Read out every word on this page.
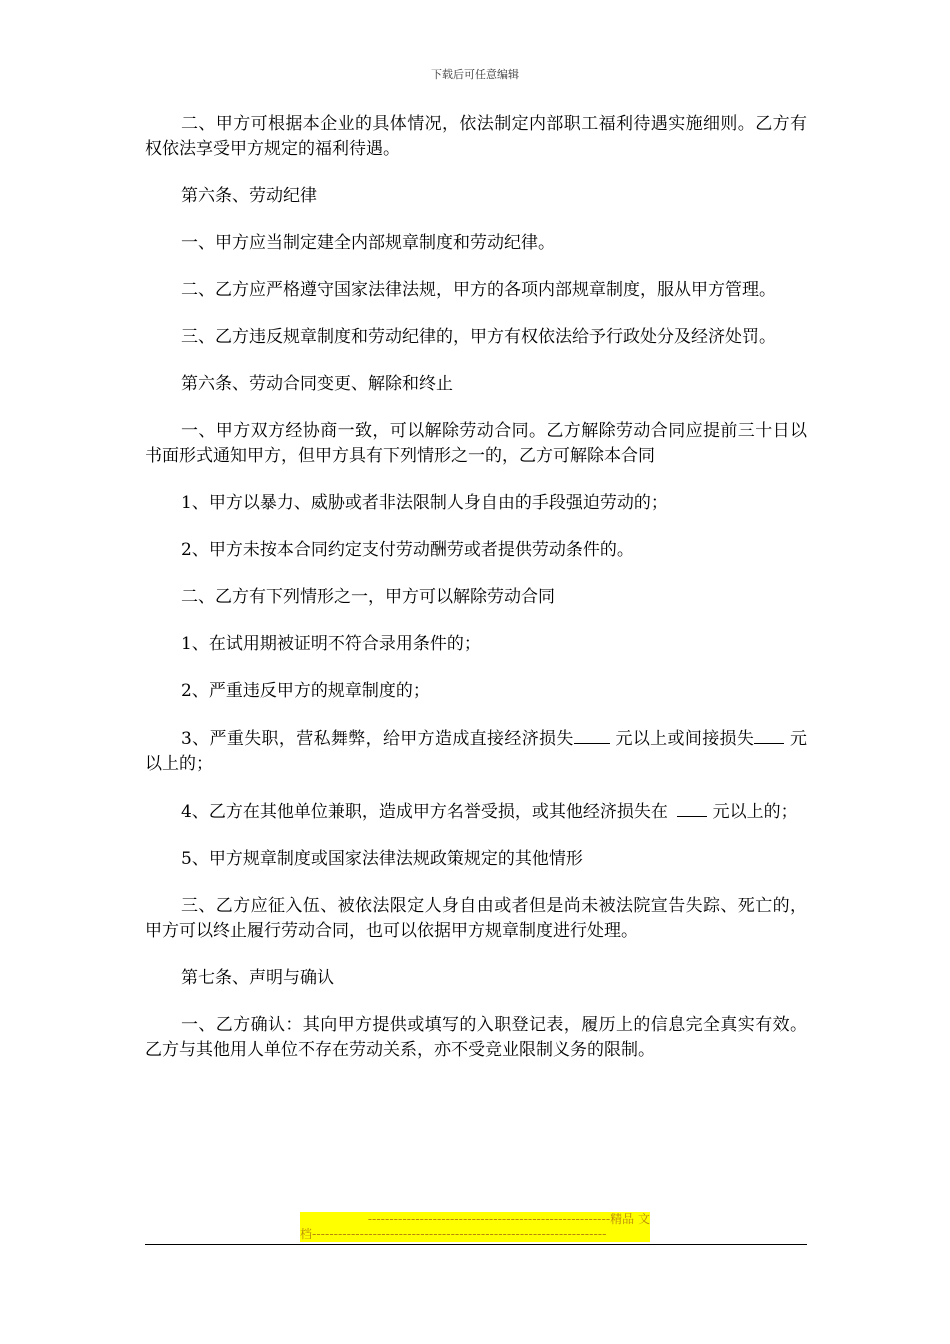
下载后可任意编辑

二、甲方可根据本企业的具体情况，依法制定内部职工福利待遇实施细则。乙方有权依法享受甲方规定的福利待遇。

第六条、劳动纪律

一、甲方应当制定建全内部规章制度和劳动纪律。

二、乙方应严格遵守国家法律法规，甲方的各项内部规章制度，服从甲方管理。

三、乙方违反规章制度和劳动纪律的，甲方有权依法给予行政处分及经济处罚。

第六条、劳动合同变更、解除和终止

一、甲方双方经协商一致，可以解除劳动合同。乙方解除劳动合同应提前三十日以书面形式通知甲方，但甲方具有下列情形之一的，乙方可解除本合同

1、甲方以暴力、威胁或者非法限制人身自由的手段强迫劳动的；

2、甲方未按本合同约定支付劳动酬劳或者提供劳动条件的。

二、乙方有下列情形之一，甲方可以解除劳动合同

1、在试用期被证明不符合录用条件的；

2、严重违反甲方的规章制度的；

3、严重失职，营私舞弊，给甲方造成直接经济损失 元以上或间接损失 元以上的；

4、乙方在其他单位兼职，造成甲方名誉受损，或其他经济损失在  元以上的；

5、甲方规章制度或国家法律法规政策规定的其他情形

三、乙方应征入伍、被依法限定人身自由或者但是尚未被法院宣告失踪、死亡的，甲方可以终止履行劳动合同，也可以依据甲方规章制度进行处理。

第七条、声明与确认

一、乙方确认：其向甲方提供或填写的入职登记表，履历上的信息完全真实有效。乙方与其他用人单位不存在劳动关系，亦不受竞业限制义务的限制。

--------------------------------------------------------精品 文
档--------------------------------------------------------------------
